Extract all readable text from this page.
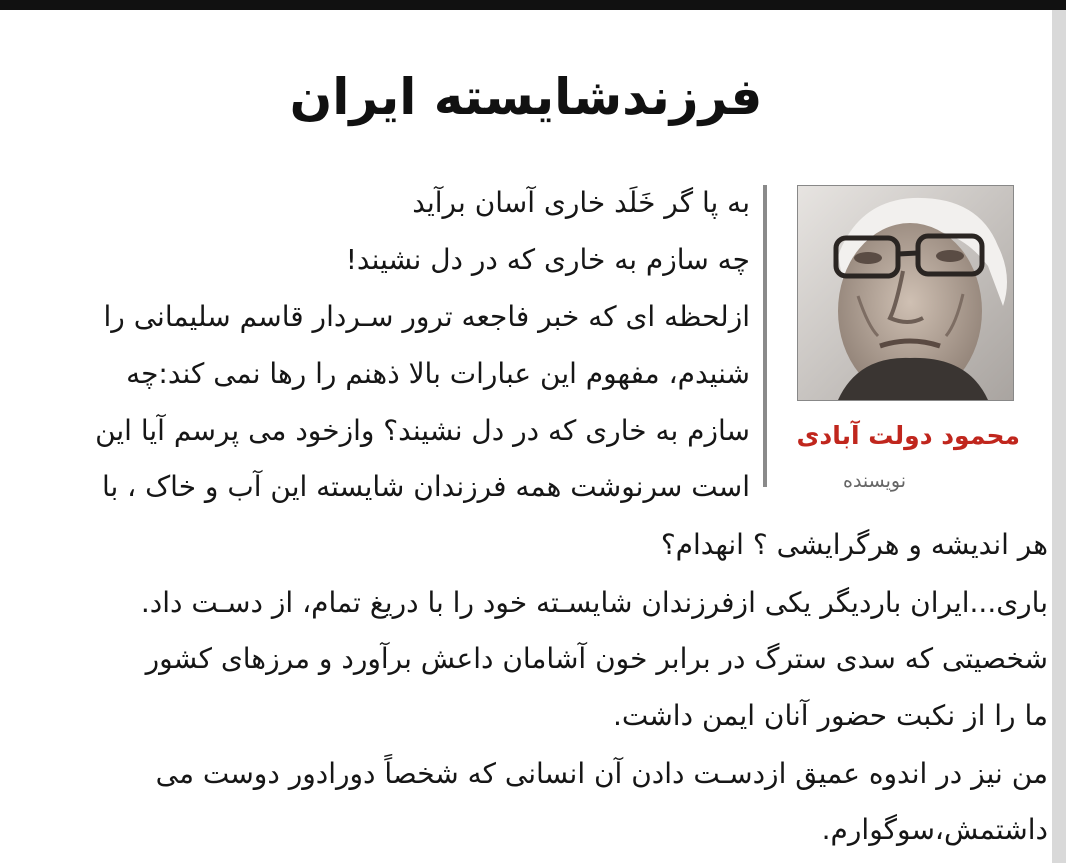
فرزندشایسته ایران
محمود دولت آبادی
نویسنده

به پا گر خَلَد خاری آسان برآید

چه سازم به خاری که در دل نشیند!

ازلحظه ای که خبر فاجعه ترور سـردار قاسم سلیمانی را

شنیدم، مفهوم این عبارات بالا ذهنم را رها نمی کند:چه

سازم به خاری که در دل نشیند؟ وازخود می پرسم آیا این

است سرنوشت همه فرزندان شایسته این آب و خاک ، با

هر اندیشه و هرگرایشی ؟ انهدام؟

باری...ایران باردیگر یکی ازفرزندان شایسـته خود را با دریغ تمام، از دسـت داد.

شخصیتی که سدی سترگ در برابر خون آشامان داعش برآورد و مرزهای کشور

ما را از نکبت حضور آنان ایمن داشت.

من نیز در اندوه عمیق ازدسـت دادن آن انسانی که شخصاً دورادور دوست می

داشتمش،سوگوارم.
